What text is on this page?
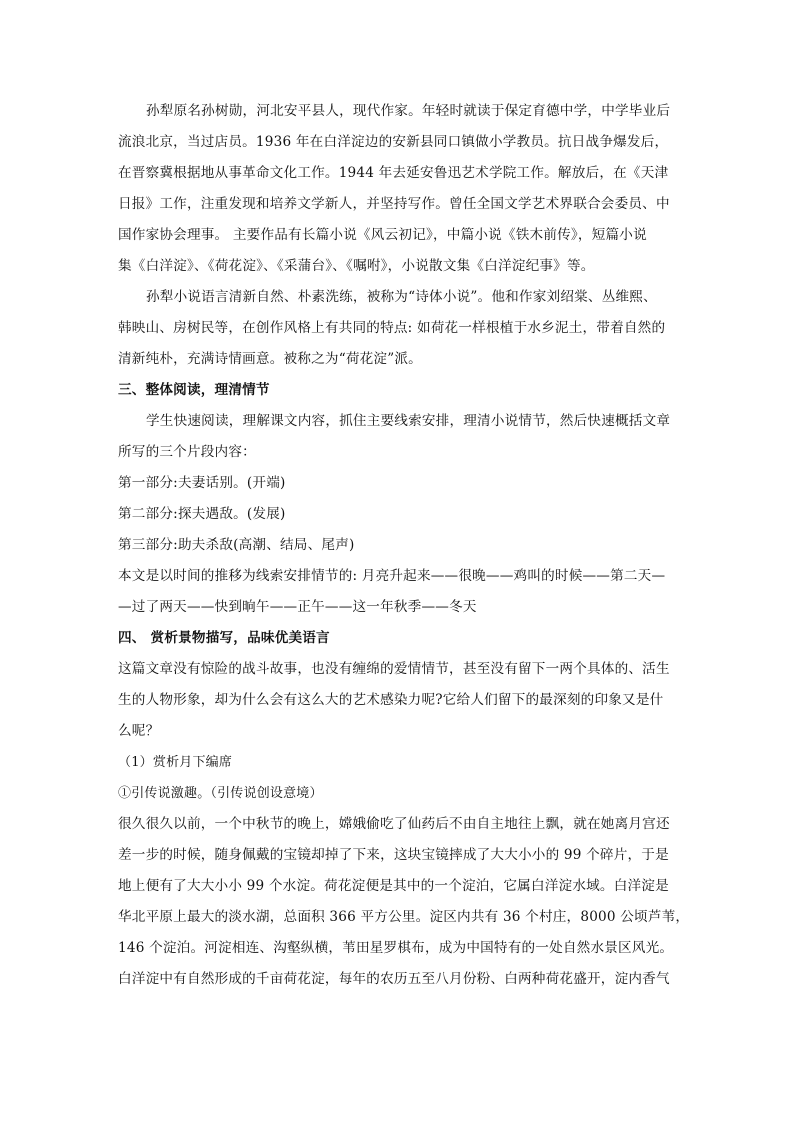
孙犁原名孙树勋，河北安平县人，现代作家。年轻时就读于保定育德中学，中学毕业后
流浪北京，当过店员。1936 年在白洋淀边的安新县同口镇做小学教员。抗日战争爆发后，
在晋察冀根据地从事革命文化工作。1944 年去延安鲁迅艺术学院工作。解放后，在《天津
日报》工作，注重发现和培养文学新人，并坚持写作。曾任全国文学艺术界联合会委员、中
国作家协会理事。 主要作品有长篇小说《风云初记》，中篇小说《铁木前传》，短篇小说
集《白洋淀》、《荷花淀》、《采蒲台》、《嘱咐》，小说散文集《白洋淀纪事》等。
孙犁小说语言清新自然、朴素洗练，被称为“诗体小说”。他和作家刘绍棠、丛维熙、
韩映山、房树民等，在创作风格上有共同的特点: 如荷花一样根植于水乡泥土，带着自然的
清新纯朴，充满诗情画意。被称之为“荷花淀”派。
三、整体阅读，理清情节
学生快速阅读，理解课文内容，抓住主要线索安排，理清小说情节，然后快速概括文章
所写的三个片段内容：
第一部分:夫妻话别。(开端)
第二部分:探夫遇敌。(发展)
第三部分:助夫杀敌(高潮、结局、尾声)
本文是以时间的推移为线索安排情节的: 月亮升起来——很晚——鸡叫的时候——第二天—
—过了两天——快到晌午——正午——这一年秋季——冬天
四、 赏析景物描写，品味优美语言
这篇文章没有惊险的战斗故事，也没有缠绵的爱情情节，甚至没有留下一两个具体的、活生
生的人物形象，却为什么会有这么大的艺术感染力呢?它给人们留下的最深刻的印象又是什
么呢？
（1）赏析月下编席
①引传说激趣。（引传说创设意境）
很久很久以前，一个中秋节的晚上，嫦娥偷吃了仙药后不由自主地往上飘，就在她离月宫还
差一步的时候，随身佩戴的宝镜却掉了下来，这块宝镜摔成了大大小小的 99 个碎片，于是
地上便有了大大小小 99 个水淀。荷花淀便是其中的一个淀泊，它属白洋淀水域。白洋淀是
华北平原上最大的淡水湖，总面积 366 平方公里。淀区内共有 36 个村庄，8000 公顷芦苇，
146 个淀泊。河淀相连、沟壑纵横，苇田星罗棋布，成为中国特有的一处自然水景区风光。
白洋淀中有自然形成的千亩荷花淀，每年的农历五至八月份粉、白两种荷花盛开，淀内香气
